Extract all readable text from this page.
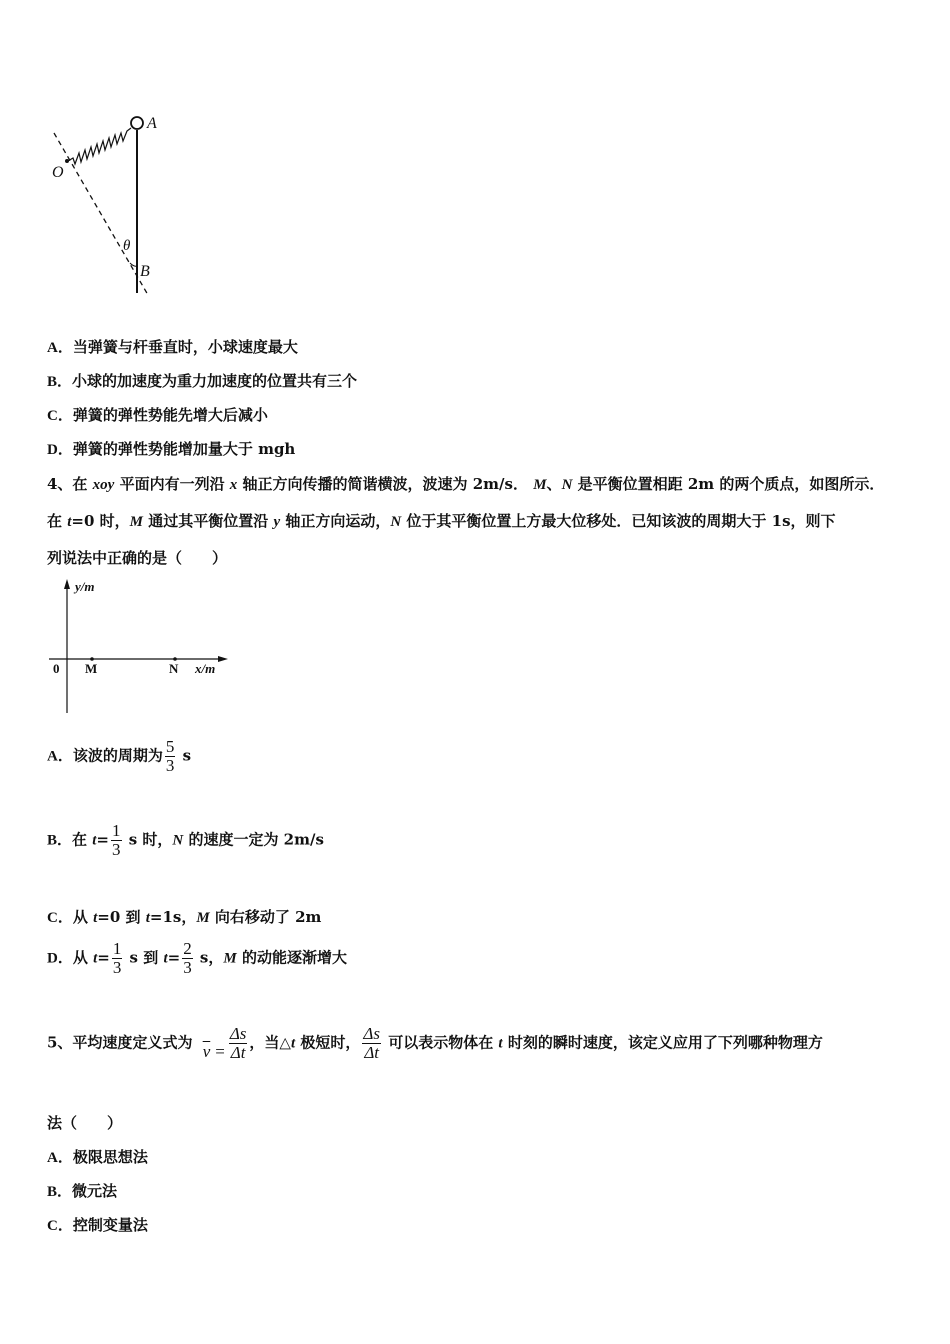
A
O
θ
B
A．当弹簧与杆垂直时，小球速度最大
B．小球的加速度为重力加速度的位置共有三个
C．弹簧的弹性势能先增大后减小
D．弹簧的弹性势能增加量大于 mgh
4、在 xoy 平面内有一列沿 x 轴正方向传播的简谐横波，波速为 2m/s． M、N 是平衡位置相距 2m 的两个质点，如图所示．
在 t=0 时，M 通过其平衡位置沿 y 轴正方向运动，N 位于其平衡位置上方最大位移处．已知该波的周期大于 1s，则下
列说法中正确的是（　　）
y/m
0 M	N x/m
A．该波的周期为 $\frac{5}{3}$ s
B．在 $t= \frac{1}{3}$ s 时，N 的速度一定为 2m/s
C．从 t=0 到 t=1s，M 向右移动了 2m
D．从 $t= \frac{1}{3}$ s 到 $t= \frac{2}{3}$ s，M 的动能逐渐增大
5、平均速度定义式为
$\overline{v}$
= $\frac{\Delta s}{\Delta t}$ ，当△t 极短时， $\frac{\Delta s}{\Delta t}$ 可以表示物体在 t 时刻的瞬时速度，该定义应用了下列哪种物理方
法（　　）
A．极限思想法
B．微元法
C．控制变量法
